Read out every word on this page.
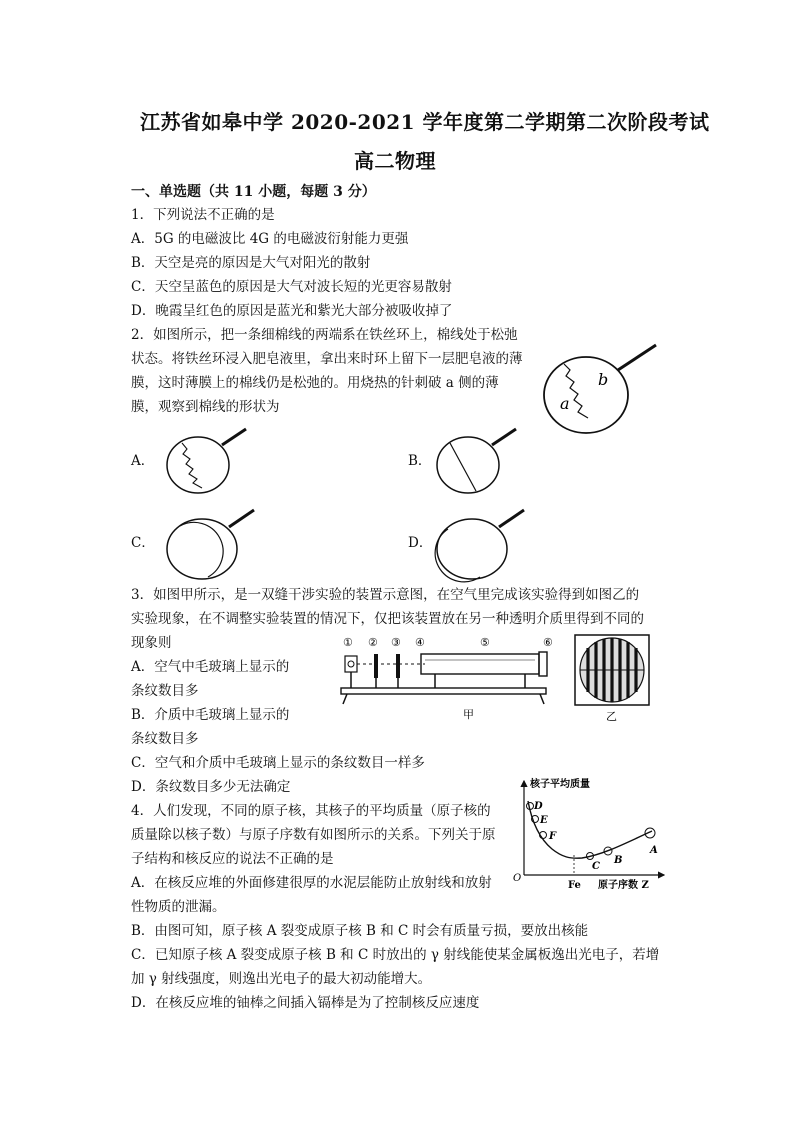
江苏省如皋中学 2020-2021 学年度第二学期第二次阶段考试
高二物理
一、单选题（共 11 小题，每题 3 分）
1．下列说法不正确的是
A．5G 的电磁波比 4G 的电磁波衍射能力更强
B．天空是亮的原因是大气对阳光的散射
C．天空呈蓝色的原因是大气对波长短的光更容易散射
D．晚霞呈红色的原因是蓝光和紫光大部分被吸收掉了
2．如图所示，把一条细棉线的两端系在铁丝环上，棉线处于松弛
状态。将铁丝环浸入肥皂液里，拿出来时环上留下一层肥皂液的薄
膜，这时薄膜上的棉线仍是松弛的。用烧热的针刺破 a 侧的薄
膜，观察到棉线的形状为	a
b
A．	B．
C．	D．
3．如图甲所示，是一双缝干涉实验的装置示意图，在空气里完成该实验得到如图乙的
实验现象，在不调整实验装置的情况下，仅把该装置放在另一种透明介质里得到不同的
现象则
A．空气中毛玻璃上显示的
条纹数目多
B．介质中毛玻璃上显示的
条纹数目多
C．空气和介质中毛玻璃上显示的条纹数目一样多
D．条纹数目多少无法确定
① ② ③ ④	⑤	⑥
甲	乙
4．人们发现，不同的原子核，其核子的平均质量（原子核的
质量除以核子数）与原子序数有如图所示的关系。下列关于原
子结构和核反应的说法不正确的是
A．在核反应堆的外面修建很厚的水泥层能防止放射线和放射
性物质的泄漏。
B．由图可知，原子核 A 裂变成原子核 B 和 C 时会有质量亏损，要放出核能
C．已知原子核 A 裂变成原子核 B 和 C 时放出的 γ 射线能使某金属板逸出光电子，若增
加 γ 射线强度，则逸出光电子的最大初动能增大。
D．在核反应堆的铀棒之间插入镉棒是为了控制核反应速度
核子平均质量
原子序数 Z
O
Fe
D
E
F
C
B
A
